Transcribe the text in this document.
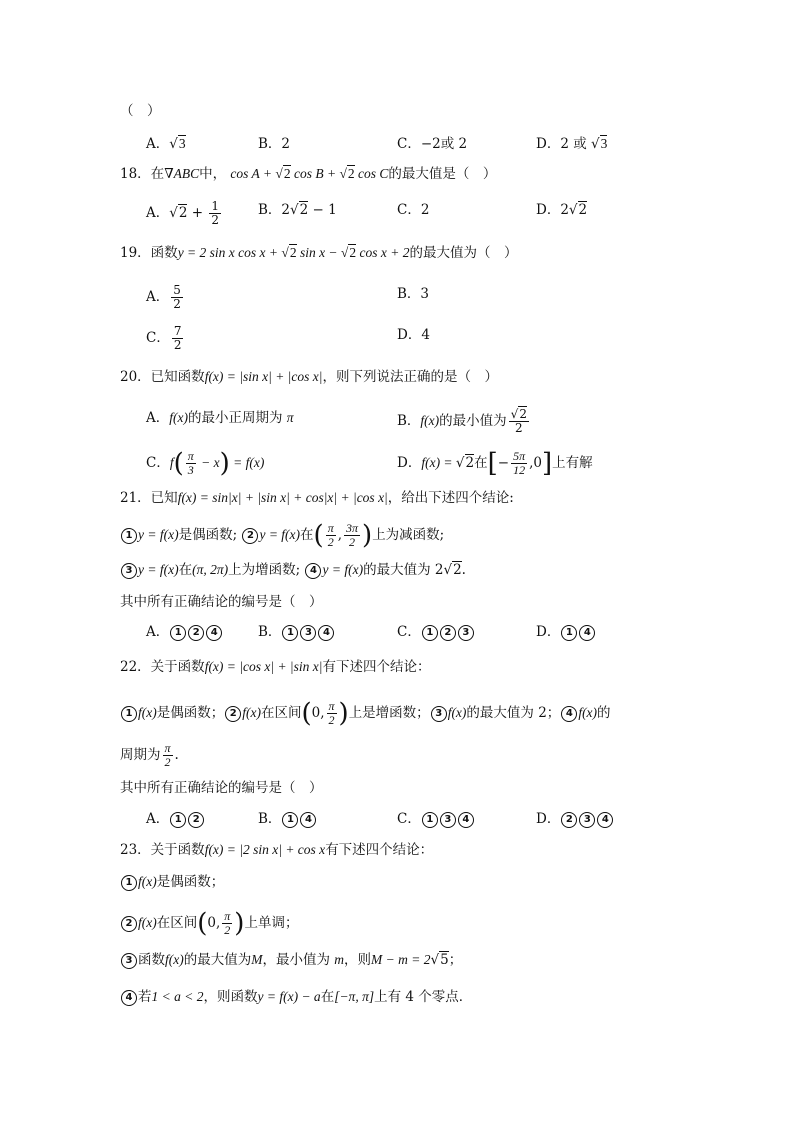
（　）
A．√3	B．2	C．−2或 2	D．2 或 √3
18．在∇ABC中， cos A + √2 cos B + √2 cos C的最大值是（　）
A．$√2 + \frac{1}{2}$	B．2√2 − 1	C．2	D．2√2
19．函数y = 2 sin x cos x + √2 sin x − √2 cos x + 2的最大值为（　）
A． $\frac{5}{2}$	B．3
C． $\frac{7}{2}$	D．4
20．已知函数f(x) = |sin x| + |cos x|，则下列说法正确的是（　）
A．f(x)的最小正周期为 π	B．f(x)的最小值为 $\frac{√2}{2}$
C．$f( \frac{\pi}{3} - x) = f(x)$	D．f(x) = √2在[− $\frac{5\pi}{12} ,0$]上有解
21．已知f(x) = sin|x| + |sin x| + cos|x| + |cos x|，给出下述四个结论:
1 y = f(x)是偶函数; 2 y = f(x)在( $\frac{\pi}{2}$ , $\frac{3\pi}{2}$ )上为减函数;
3 y = f(x)在(π, 2π)上为增函数; 4 y = f(x)的最大值为 2√2.
其中所有正确结论的编号是（　）
A． 1 2 4	B． 1 3 4	C． 1 2 3	D． 1 4
22．关于函数f(x) = |cos x| + |sin x|有下述四个结论：
1 f(x)是偶函数； 2 f(x)在区间(0, $\frac{\pi}{2}$ )上是增函数； 3 f(x)的最大值为 2； 4 f(x)的
周期为 $\frac{\pi}{2}$ .
其中所有正确结论的编号是（　）
A． 1 2	B． 1 4	C． 1 3 4	D． 2 3 4
23．关于函数f(x) = |2 sin x| + cos x有下述四个结论：
1 f(x)是偶函数；
2 f(x)在区间(0, $\frac{\pi}{2}$ )上单调；
3 函数f(x)的最大值为M，最小值为 m，则M − m = 2√5；
4 若1 < a < 2，则函数y = f(x) − a在[−π, π]上有 4 个零点．
